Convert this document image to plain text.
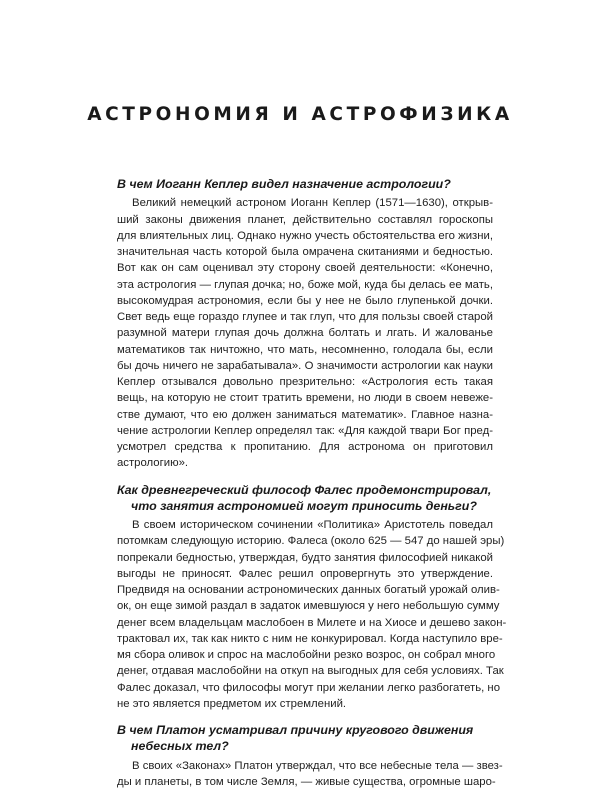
АСТРОНОМИЯ И АСТРОФИЗИКА

В чем Иоганн Кеплер видел назначение астрологии?

Великий немецкий астроном Иоганн Кеплер (1571—1630), открыв-
ший законы движения планет, действительно составлял гороскопы
для влиятельных лиц. Однако нужно учесть обстоятельства его жизни,
значительная часть которой была омрачена скитаниями и бедностью.
Вот как он сам оценивал эту сторону своей деятельности: «Конечно,
эта астрология — глупая дочка; но, боже мой, куда бы делась ее мать,
высокомудрая астрономия, если бы у нее не было глупенькой дочки.
Свет ведь еще гораздо глупее и так глуп, что для пользы своей старой
разумной матери глупая дочь должна болтать и лгать. И жалованье
математиков так ничтожно, что мать, несомненно, голодала бы, если
бы дочь ничего не зарабатывала». О значимости астрологии как науки
Кеплер отзывался довольно презрительно: «Астрология есть такая
вещь, на которую не стоит тратить времени, но люди в своем невеже-
стве думают, что ею должен заниматься математик». Главное назна-
чение астрологии Кеплер определял так: «Для каждой твари Бог пред-
усмотрел средства к пропитанию. Для астронома он приготовил
астрологию».

Как древнегреческий философ Фалес продемонстрировал,
что занятия астрономией могут приносить деньги?

В своем историческом сочинении «Политика» Аристотель поведал
потомкам следующую историю. Фалеса (около 625 — 547 до нашей эры)
попрекали бедностью, утверждая, будто занятия философией никакой
выгоды не приносят. Фалес решил опровергнуть это утверждение.
Предвидя на основании астрономических данных богатый урожай олив-
ок, он еще зимой раздал в задаток имевшуюся у него небольшую сумму
денег всем владельцам маслобоен в Милете и на Хиосе и дешево закон-
трактовал их, так как никто с ним не конкурировал. Когда наступило вре-
мя сбора оливок и спрос на маслобойни резко возрос, он собрал много
денег, отдавая маслобойни на откуп на выгодных для себя условиях. Так
Фалес доказал, что философы могут при желании легко разбогатеть, но
не это является предметом их стремлений.

В чем Платон усматривал причину кругового движения
небесных тел?

В своих «Законах» Платон утверждал, что все небесные тела — звез-
ды и планеты, в том числе Земля, — живые существа, огромные шаро-
